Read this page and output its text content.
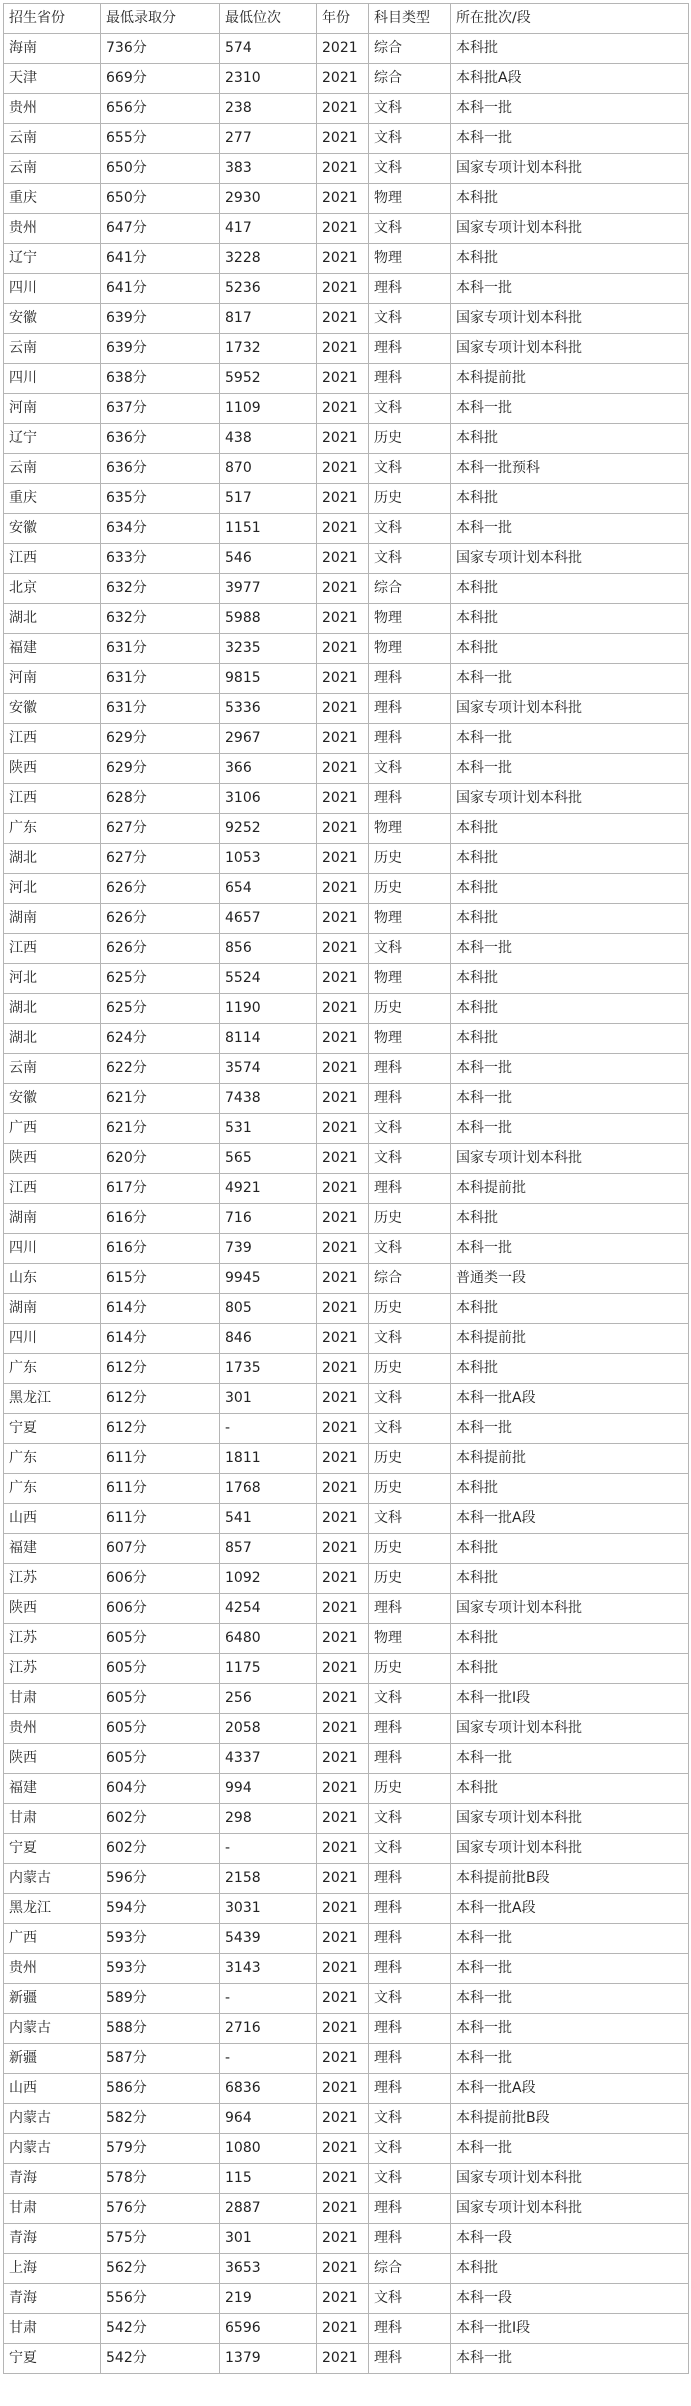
招生省份	最低录取分	最低位次	年份	科目类型	所在批次/段
海南	736分	574	2021	综合	本科批
天津	669分	2310	2021	综合	本科批A段
贵州	656分	238	2021	文科	本科一批
云南	655分	277	2021	文科	本科一批
云南	650分	383	2021	文科	国家专项计划本科批
重庆	650分	2930	2021	物理	本科批
贵州	647分	417	2021	文科	国家专项计划本科批
辽宁	641分	3228	2021	物理	本科批
四川	641分	5236	2021	理科	本科一批
安徽	639分	817	2021	文科	国家专项计划本科批
云南	639分	1732	2021	理科	国家专项计划本科批
四川	638分	5952	2021	理科	本科提前批
河南	637分	1109	2021	文科	本科一批
辽宁	636分	438	2021	历史	本科批
云南	636分	870	2021	文科	本科一批预科
重庆	635分	517	2021	历史	本科批
安徽	634分	1151	2021	文科	本科一批
江西	633分	546	2021	文科	国家专项计划本科批
北京	632分	3977	2021	综合	本科批
湖北	632分	5988	2021	物理	本科批
福建	631分	3235	2021	物理	本科批
河南	631分	9815	2021	理科	本科一批
安徽	631分	5336	2021	理科	国家专项计划本科批
江西	629分	2967	2021	理科	本科一批
陕西	629分	366	2021	文科	本科一批
江西	628分	3106	2021	理科	国家专项计划本科批
广东	627分	9252	2021	物理	本科批
湖北	627分	1053	2021	历史	本科批
河北	626分	654	2021	历史	本科批
湖南	626分	4657	2021	物理	本科批
江西	626分	856	2021	文科	本科一批
河北	625分	5524	2021	物理	本科批
湖北	625分	1190	2021	历史	本科批
湖北	624分	8114	2021	物理	本科批
云南	622分	3574	2021	理科	本科一批
安徽	621分	7438	2021	理科	本科一批
广西	621分	531	2021	文科	本科一批
陕西	620分	565	2021	文科	国家专项计划本科批
江西	617分	4921	2021	理科	本科提前批
湖南	616分	716	2021	历史	本科批
四川	616分	739	2021	文科	本科一批
山东	615分	9945	2021	综合	普通类一段
湖南	614分	805	2021	历史	本科批
四川	614分	846	2021	文科	本科提前批
广东	612分	1735	2021	历史	本科批
黑龙江	612分	301	2021	文科	本科一批A段
宁夏	612分	-	2021	文科	本科一批
广东	611分	1811	2021	历史	本科提前批
广东	611分	1768	2021	历史	本科批
山西	611分	541	2021	文科	本科一批A段
福建	607分	857	2021	历史	本科批
江苏	606分	1092	2021	历史	本科批
陕西	606分	4254	2021	理科	国家专项计划本科批
江苏	605分	6480	2021	物理	本科批
江苏	605分	1175	2021	历史	本科批
甘肃	605分	256	2021	文科	本科一批I段
贵州	605分	2058	2021	理科	国家专项计划本科批
陕西	605分	4337	2021	理科	本科一批
福建	604分	994	2021	历史	本科批
甘肃	602分	298	2021	文科	国家专项计划本科批
宁夏	602分	-	2021	文科	国家专项计划本科批
内蒙古	596分	2158	2021	理科	本科提前批B段
黑龙江	594分	3031	2021	理科	本科一批A段
广西	593分	5439	2021	理科	本科一批
贵州	593分	3143	2021	理科	本科一批
新疆	589分	-	2021	文科	本科一批
内蒙古	588分	2716	2021	理科	本科一批
新疆	587分	-	2021	理科	本科一批
山西	586分	6836	2021	理科	本科一批A段
内蒙古	582分	964	2021	文科	本科提前批B段
内蒙古	579分	1080	2021	文科	本科一批
青海	578分	115	2021	文科	国家专项计划本科批
甘肃	576分	2887	2021	理科	国家专项计划本科批
青海	575分	301	2021	理科	本科一段
上海	562分	3653	2021	综合	本科批
青海	556分	219	2021	文科	本科一段
甘肃	542分	6596	2021	理科	本科一批I段
宁夏	542分	1379	2021	理科	本科一批
